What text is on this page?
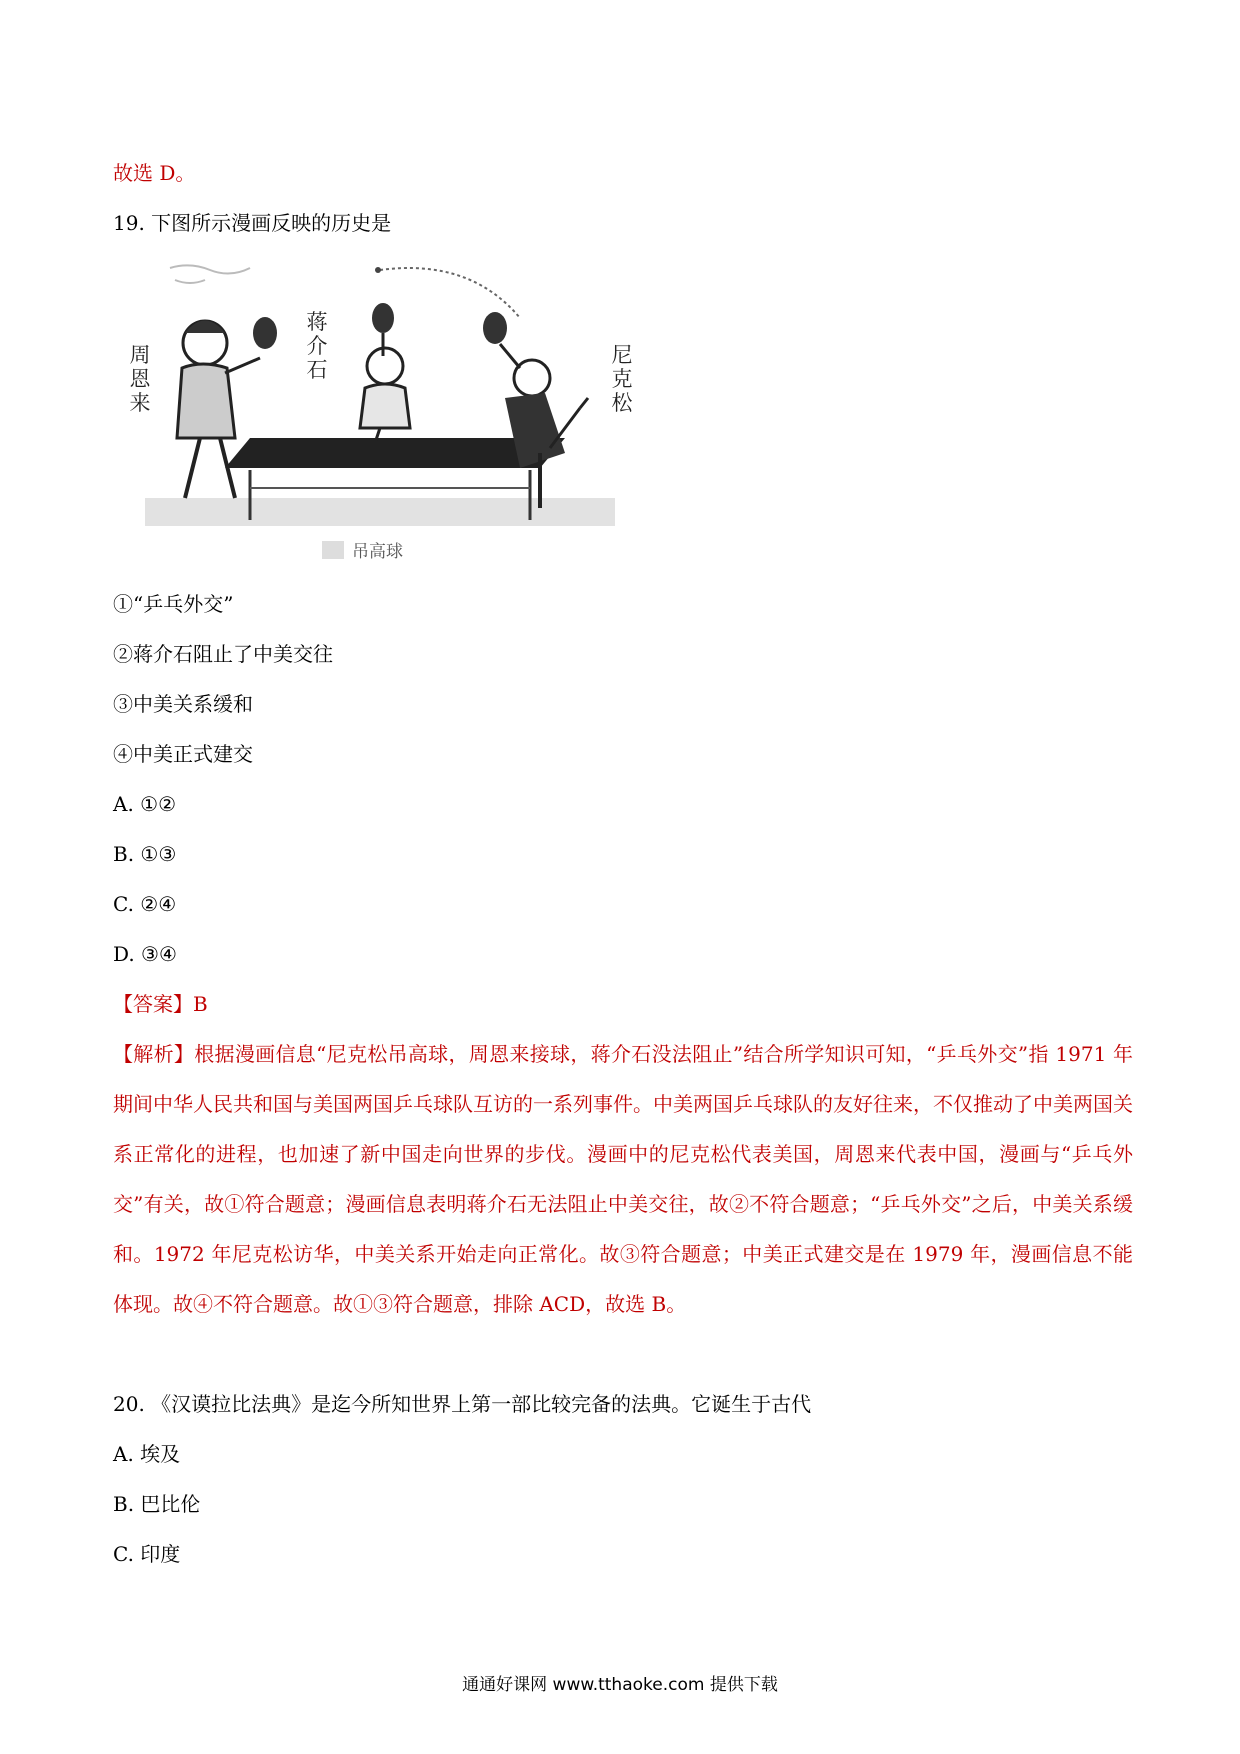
故选 D。
19. 下图所示漫画反映的历史是
周恩来
蒋介石
尼克松
吊高球
①“乒乓外交”
②蒋介石阻止了中美交往
③中美关系缓和
④中美正式建交
A. ①②
B. ①③
C. ②④
D. ③④
【答案】B
【解析】根据漫画信息“尼克松吊高球，周恩来接球，蒋介石没法阻止”结合所学知识可知，“乒乓外交”指 1971 年期间中华人民共和国与美国两国乒乓球队互访的一系列事件。中美两国乒乓球队的友好往来，不仅推动了中美两国关系正常化的进程，也加速了新中国走向世界的步伐。漫画中的尼克松代表美国，周恩来代表中国，漫画与“乒乓外交”有关，故①符合题意；漫画信息表明蒋介石无法阻止中美交往，故②不符合题意；“乒乓外交”之后，中美关系缓和。1972 年尼克松访华，中美关系开始走向正常化。故③符合题意；中美正式建交是在 1979 年，漫画信息不能体现。故④不符合题意。故①③符合题意，排除 ACD，故选 B。
20. 《汉谟拉比法典》是迄今所知世界上第一部比较完备的法典。它诞生于古代
A. 埃及
B. 巴比伦
C. 印度
通通好课网 www.tthaoke.com 提供下载
